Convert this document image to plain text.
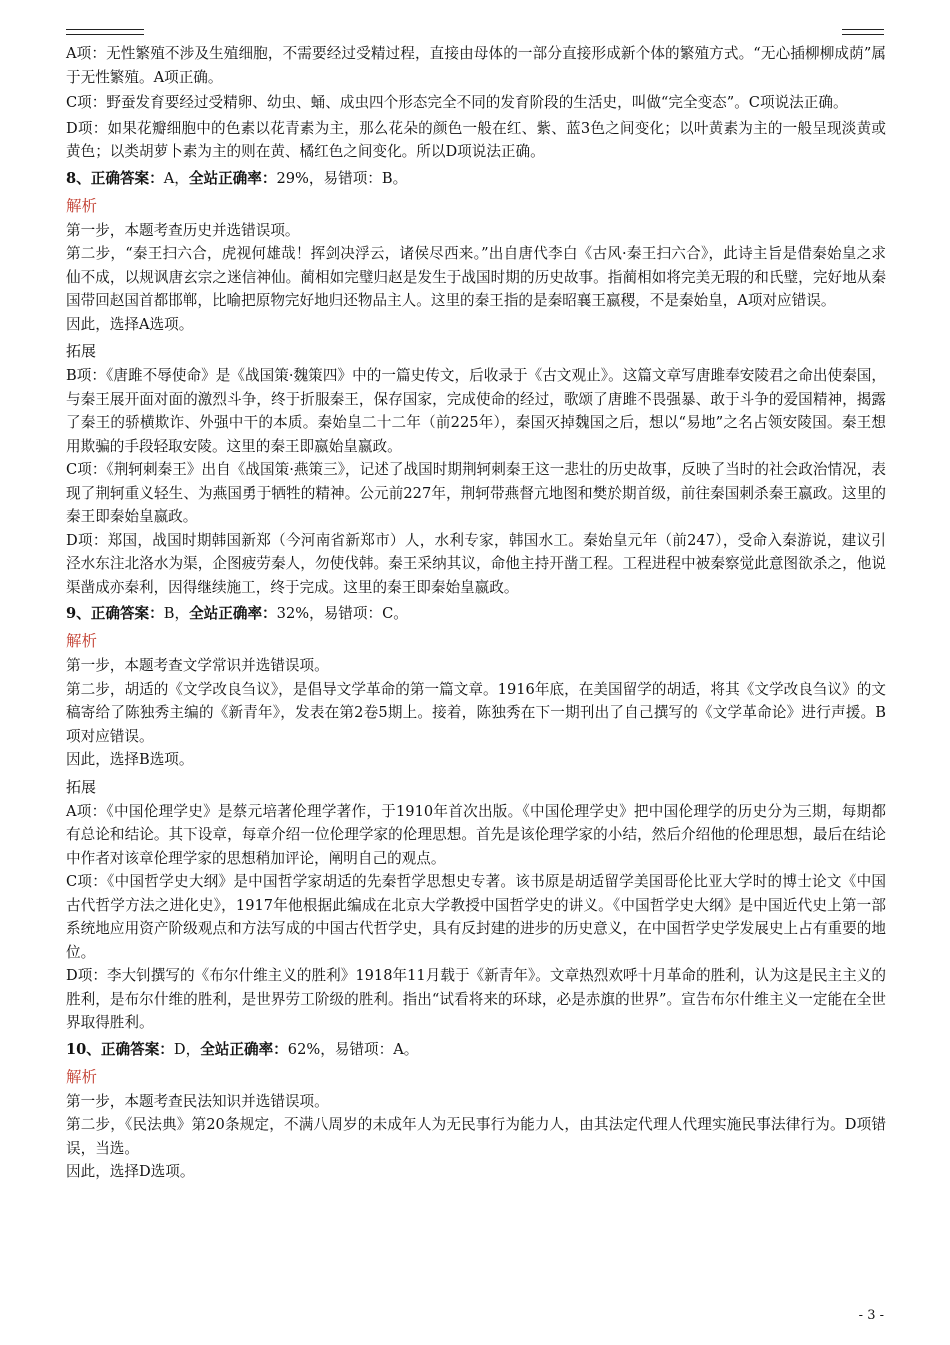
A项：无性繁殖不涉及生殖细胞，不需要经过受精过程，直接由母体的一部分直接形成新个体的繁殖方式。“无心插柳柳成荫”属于无性繁殖。A项正确。

C项：野蚕发育要经过受精卵、幼虫、蛹、成虫四个形态完全不同的发育阶段的生活史，叫做“完全变态”。C项说法正确。

D项：如果花瓣细胞中的色素以花青素为主，那么花朵的颜色一般在红、紫、蓝3色之间变化；以叶黄素为主的一般呈现淡黄或黄色；以类胡萝卜素为主的则在黄、橘红色之间变化。所以D项说法正确。

8、正确答案：A，全站正确率：29%，易错项：B。

解析

第一步，本题考查历史并选错误项。

第二步，“秦王扫六合，虎视何雄哉！挥剑决浮云，诸侯尽西来。”出自唐代李白《古风·秦王扫六合》，此诗主旨是借秦始皇之求仙不成，以规讽唐玄宗之迷信神仙。蔺相如完璧归赵是发生于战国时期的历史故事。指蔺相如将完美无瑕的和氏璧，完好地从秦国带回赵国首都邯郸，比喻把原物完好地归还物品主人。这里的秦王指的是秦昭襄王嬴稷，不是秦始皇，A项对应错误。

因此，选择A选项。

拓展

B项：《唐雎不辱使命》是《战国策·魏策四》中的一篇史传文，后收录于《古文观止》。这篇文章写唐雎奉安陵君之命出使秦国，与秦王展开面对面的激烈斗争，终于折服秦王，保存国家，完成使命的经过，歌颂了唐雎不畏强暴、敢于斗争的爱国精神，揭露了秦王的骄横欺诈、外强中干的本质。秦始皇二十二年（前225年），秦国灭掉魏国之后，想以“易地”之名占领安陵国。秦王想用欺骗的手段轻取安陵。这里的秦王即嬴始皇嬴政。

C项：《荆轲刺秦王》出自《战国策·燕策三》，记述了战国时期荆轲刺秦王这一悲壮的历史故事，反映了当时的社会政治情况，表现了荆轲重义轻生、为燕国勇于牺牲的精神。公元前227年，荆轲带燕督亢地图和樊於期首级，前往秦国刺杀秦王嬴政。这里的秦王即秦始皇嬴政。

D项：郑国，战国时期韩国新郑（今河南省新郑市）人，水利专家，韩国水工。秦始皇元年（前247），受命入秦游说，建议引泾水东注北洛水为渠，企图疲劳秦人，勿使伐韩。秦王采纳其议，命他主持开凿工程。工程进程中被秦察觉此意图欲杀之，他说渠凿成亦秦利，因得继续施工，终于完成。这里的秦王即秦始皇嬴政。

9、正确答案：B，全站正确率：32%，易错项：C。

解析

第一步，本题考查文学常识并选错误项。

第二步，胡适的《文学改良刍议》，是倡导文学革命的第一篇文章。1916年底，在美国留学的胡适，将其《文学改良刍议》的文稿寄给了陈独秀主编的《新青年》，发表在第2卷5期上。接着，陈独秀在下一期刊出了自己撰写的《文学革命论》进行声援。B项对应错误。

因此，选择B选项。

拓展

A项：《中国伦理学史》是蔡元培著伦理学著作，于1910年首次出版。《中国伦理学史》把中国伦理学的历史分为三期，每期都有总论和结论。其下设章，每章介绍一位伦理学家的伦理思想。首先是该伦理学家的小结，然后介绍他的伦理思想，最后在结论中作者对该章伦理学家的思想稍加评论，阐明自己的观点。

C项：《中国哲学史大纲》是中国哲学家胡适的先秦哲学思想史专著。该书原是胡适留学美国哥伦比亚大学时的博士论文《中国古代哲学方法之进化史》，1917年他根据此编成在北京大学教授中国哲学史的讲义。《中国哲学史大纲》是中国近代史上第一部系统地应用资产阶级观点和方法写成的中国古代哲学史，具有反封建的进步的历史意义，在中国哲学史学发展史上占有重要的地位。

D项：李大钊撰写的《布尔什维主义的胜利》1918年11月载于《新青年》。文章热烈欢呼十月革命的胜利，认为这是民主主义的胜利，是布尔什维的胜利，是世界劳工阶级的胜利。指出“试看将来的环球，必是赤旗的世界”。宣告布尔什维主义一定能在全世界取得胜利。

10、正确答案：D，全站正确率：62%，易错项：A。

解析

第一步，本题考查民法知识并选错误项。

第二步，《民法典》第20条规定，不满八周岁的未成年人为无民事行为能力人，由其法定代理人代理实施民事法律行为。D项错误，当选。

因此，选择D选项。

- 3 -
